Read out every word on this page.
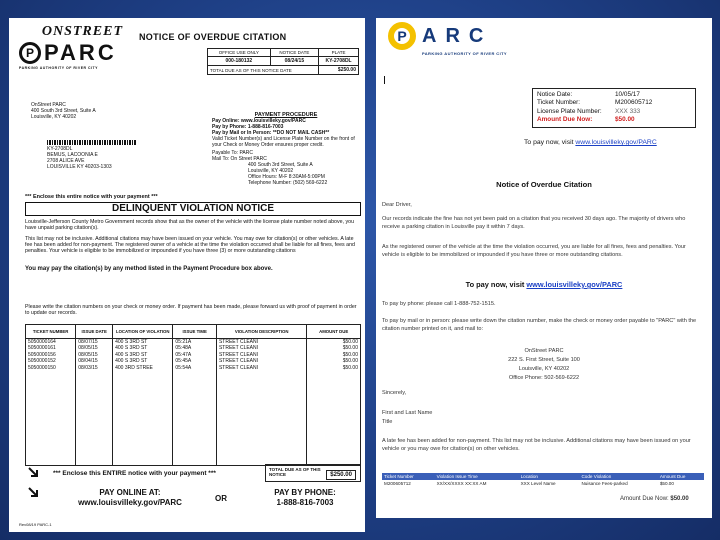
ONSTREET
P PARC
PARKING AUTHORITY OF RIVER CITY
NOTICE OF OVERDUE CITATION
OnStreet PARC
400 South 3rd Street, Suite A
Louisville, KY 40202
KY-2708DL
BEMUS, LACOONIA E
2708 ALICE AVE
LOUISVILLE KY 40203-1303
OFFICE USE ONLY	NOTICE DATE	PLATE
000-180132	08/24/15	KY-2708DL
TOTAL DUE AS OF THIS NOTICE DATE		$250.00
PAYMENT PROCEDURE
Pay Online: www.louisvilleky.gov/PARC
Pay by Phone: 1-888-816-7003
Pay by Mail or In Person: **DO NOT MAIL CASH**
Valid Ticket Number(s) and License Plate Number on the front of your Check or Money Order ensures proper credit.
Payable To: PARC
Mail To: On Street PARC
400 South 3rd Street, Suite A
Louisville, KY 40202
Office Hours: M-F 8:30AM-5:00PM
Telephone Number: (502) 569-6222
*** Enclose this entire notice with your payment ***
DELINQUENT VIOLATION NOTICE
Louisville-Jefferson County Metro Government records show that as the owner of the vehicle with the license plate number noted above, you have unpaid parking citation(s).
This list may not be inclusive. Additional citations may have been issued on your vehicle. You may owe for citation(s) or other vehicles. A late fee has been added for non-payment. The registered owner of a vehicle at the time the violation occurred shall be liable for all fines, fees and penalties. Your vehicle is eligible to be immobilized or impounded if you have three (3) or more outstanding citations
You may pay the citation(s) by any method listed in the Payment Procedure box above.
Please write the citation numbers on your check or money order. If payment has been made, please forward us with proof of payment in order to update our records.
TICKET NUMBER	ISSUE DATE	LOCATION OF VIOLATION	ISSUE TIME	VIOLATION DESCRIPTION	AMOUNT DUE
5050000164	08/07/15	400 S 3RD ST	05:21A	STREET CLEANI	$50.00
5050000161	08/05/15	400 S 3RD ST	05:48A	STREET CLEANI	$50.00
5050000156	08/05/15	400 S 3RD ST	05:47A	STREET CLEANI	$50.00
5050000152	08/04/15	400 S 3RD ST	05:45A	STREET CLEANI	$50.00
5050000150	08/03/15	400 3RD STREE	05:54A	STREET CLEANI	$50.00

*** Enclose this ENTIRE notice with your payment ***
TOTAL DUE AS OF THIS NOTICE	$250.00
PAY ONLINE AT:
www.louisvilleky.gov/PARC	OR
PAY BY PHONE:
1-888-816-7003
Rev08/19 PARC-1
P ARC
PARKING AUTHORITY OF RIVER CITY
Notice Date:	10/05/17
Ticket Number:	M200605712
License Plate Number:	XXX 333
Amount Due Now:	$50.00
To pay now, visit www.louisvilleky.gov/PARC
Notice of Overdue Citation
Dear Driver,
Our records indicate the fine has not yet been paid on a citation that you received 30 days ago. The majority of drivers who receive a parking citation in Louisville pay it within 7 days.
As the registered owner of the vehicle at the time the violation occurred, you are liable for all fines, fees and penalties. Your vehicle is eligible to be immobilized or impounded if you have three or more outstanding citations.
To pay now, visit www.louisvilleky.gov/PARC
To pay by phone: please call 1-888-752-1515.
To pay by mail or in person: please write down the citation number, make the check or money order payable to "PARC" with the citation number printed on it, and mail to:
OnStreet PARC
222 S. First Street, Suite 100
Louisville, KY 40202
Office Phone: 502-569-6222
Sincerely,
First and Last Name
Title
A late fee has been added for non-payment. This list may not be inclusive. Additional citations may have been issued on your vehicle or you may owe for citation(s) on other vehicles.
Ticket Number	Violation Issue Time	Location	Code Violation	Amount Due
M200605712	XX/XX/XXXX XX:XX AM	XXX Level Name	Nuisance Fees-parked	$50.00
Amount Due Now: $50.00
